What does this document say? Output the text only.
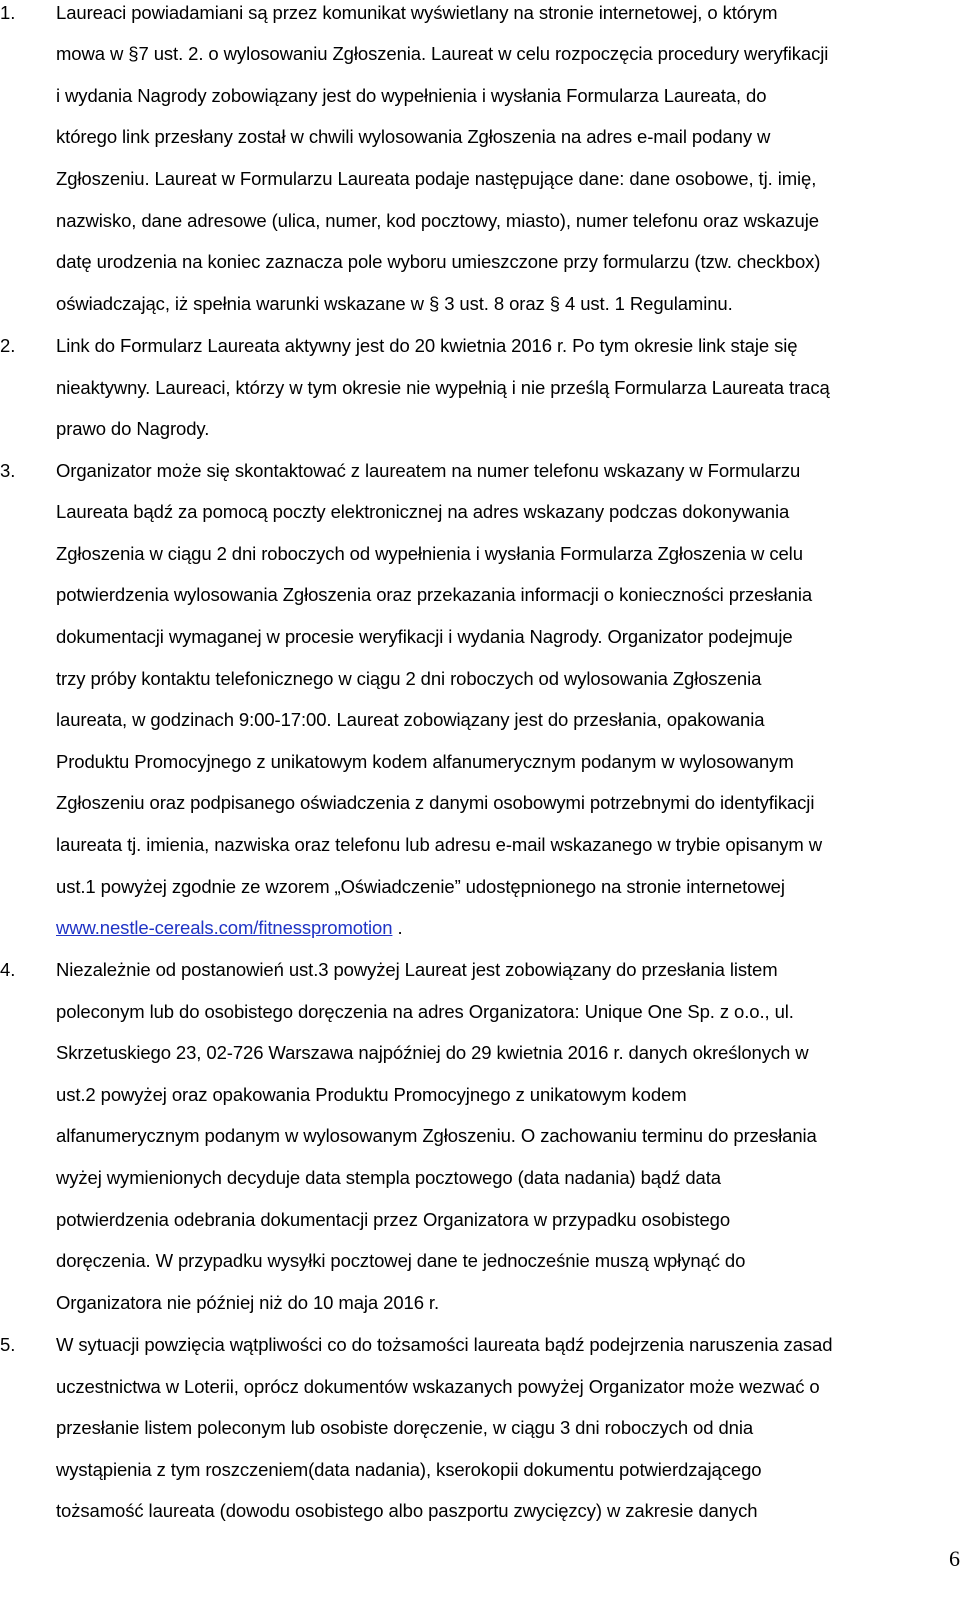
1. Laureaci powiadamiani są przez komunikat wyświetlany na stronie internetowej, o którym
mowa w §7 ust. 2. o wylosowaniu Zgłoszenia. Laureat w celu rozpoczęcia procedury weryfikacji
i wydania Nagrody zobowiązany jest do wypełnienia i wysłania Formularza Laureata, do
którego link przesłany został w chwili wylosowania Zgłoszenia na adres e-mail podany w
Zgłoszeniu. Laureat w Formularzu Laureata podaje następujące dane: dane osobowe, tj. imię,
nazwisko, dane adresowe (ulica, numer, kod pocztowy, miasto), numer telefonu oraz wskazuje
datę urodzenia na koniec zaznacza pole wyboru umieszczone przy formularzu (tzw. checkbox)
oświadczając, iż spełnia warunki wskazane w § 3 ust. 8 oraz § 4 ust. 1 Regulaminu.
2. Link do Formularz Laureata aktywny jest do 20 kwietnia 2016 r. Po tym okresie link staje się
nieaktywny. Laureaci, którzy w tym okresie nie wypełnią i nie prześlą Formularza Laureata tracą
prawo do Nagrody.
3. Organizator może się skontaktować z laureatem na numer telefonu wskazany w Formularzu
Laureata bądź za pomocą poczty elektronicznej na adres wskazany podczas dokonywania
Zgłoszenia w ciągu 2 dni roboczych od wypełnienia i wysłania Formularza Zgłoszenia w celu
potwierdzenia wylosowania Zgłoszenia oraz przekazania informacji o konieczności przesłania
dokumentacji wymaganej w procesie weryfikacji i wydania Nagrody. Organizator podejmuje
trzy próby kontaktu telefonicznego w ciągu 2 dni roboczych od wylosowania Zgłoszenia
laureata, w godzinach 9:00-17:00. Laureat zobowiązany jest do przesłania, opakowania
Produktu Promocyjnego z unikatowym kodem alfanumerycznym podanym w wylosowanym
Zgłoszeniu oraz podpisanego oświadczenia z danymi osobowymi potrzebnymi do identyfikacji
laureata tj. imienia, nazwiska oraz telefonu lub adresu e-mail wskazanego w trybie opisanym w
ust.1 powyżej zgodnie ze wzorem „Oświadczenie” udostępnionego na stronie internetowej
www.nestle-cereals.com/fitnesspromotion .
4. Niezależnie od postanowień ust.3 powyżej Laureat jest zobowiązany do przesłania listem
poleconym lub do osobistego doręczenia na adres Organizatora: Unique One Sp. z o.o., ul.
Skrzetuskiego 23, 02-726 Warszawa najpóźniej do 29 kwietnia 2016 r. danych określonych w
ust.2 powyżej oraz opakowania Produktu Promocyjnego z unikatowym kodem
alfanumerycznym podanym w wylosowanym Zgłoszeniu. O zachowaniu terminu do przesłania
wyżej wymienionych decyduje data stempla pocztowego (data nadania) bądź data
potwierdzenia odebrania dokumentacji przez Organizatora w przypadku osobistego
doręczenia. W przypadku wysyłki pocztowej dane te jednocześnie muszą wpłynąć do
Organizatora nie później niż do 10 maja 2016 r.
5. W sytuacji powzięcia wątpliwości co do tożsamości laureata bądź podejrzenia naruszenia zasad
uczestnictwa w Loterii, oprócz dokumentów wskazanych powyżej Organizator może wezwać o
przesłanie listem poleconym lub osobiste doręczenie, w ciągu 3 dni roboczych od dnia
wystąpienia z tym roszczeniem(data nadania), kserokopii dokumentu potwierdzającego
tożsamość laureata (dowodu osobistego albo paszportu zwycięzcy) w zakresie danych
6
